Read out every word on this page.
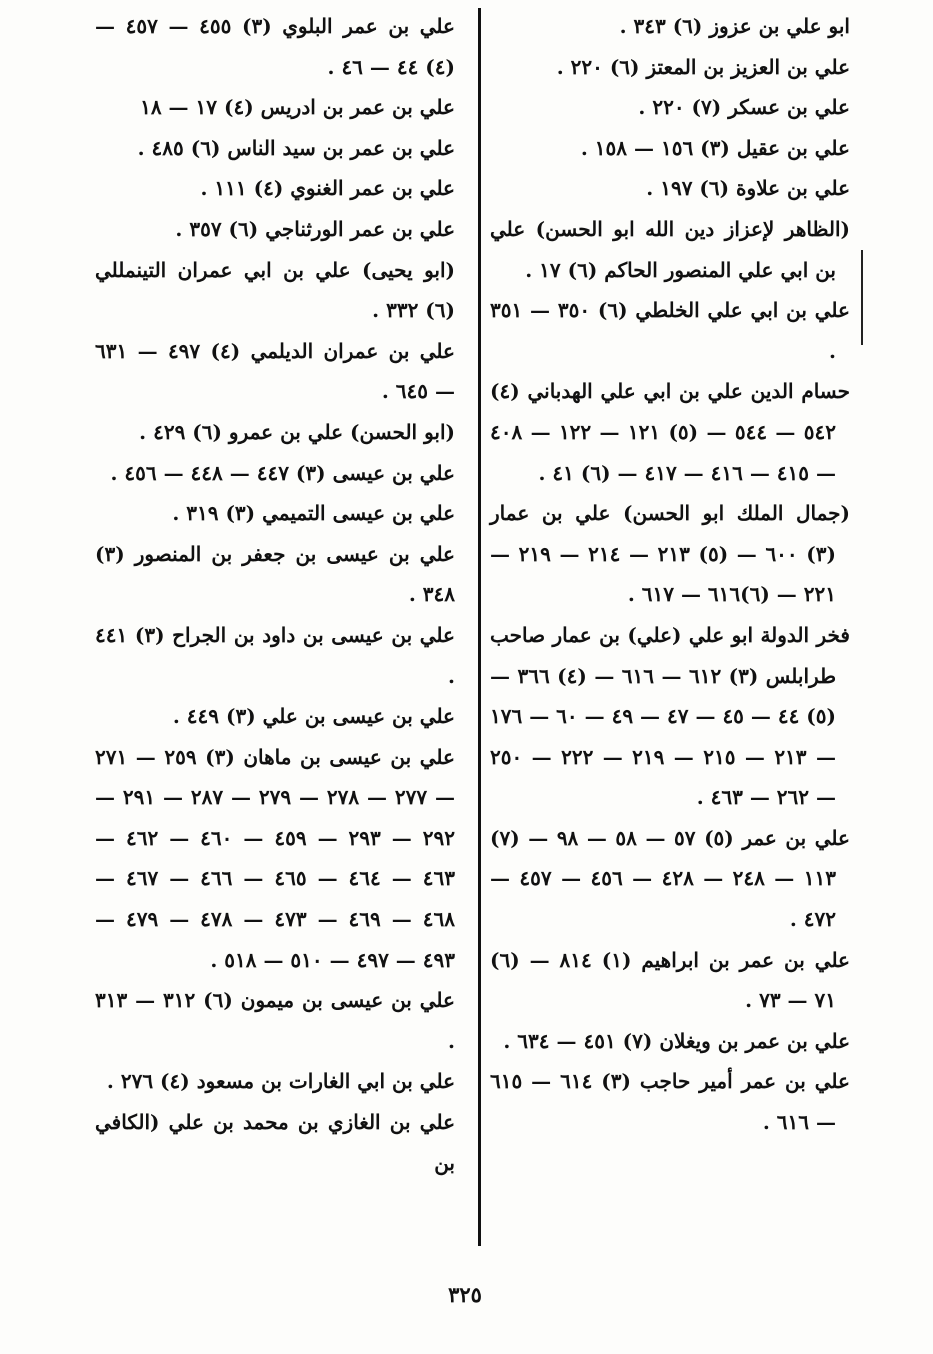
ابو علي بن عزوز (٦) ٣٤٣ .

علي بن العزيز بن المعتز (٦) ٢٢٠ .

علي بن عسكر (٧) ٢٢٠ .

علي بن عقيل (٣) ١٥٦ — ١٥٨ .

علي بن علاوة (٦) ١٩٧ .

(الظاهر لإعزاز دين الله ابو الحسن) علي بن ابي علي المنصور الحاكم (٦) ١٧ .

علي بن ابي علي الخلطي (٦) ٣٥٠ — ٣٥١ .

حسام الدين علي بن ابي علي الهدباني (٤) ٥٤٢ — ٥٤٤ — (٥) ١٢١ — ١٢٢ — ٤٠٨ — ٤١٥ — ٤١٦ — ٤١٧ — (٦) ٤١ .

(جمال الملك ابو الحسن) علي بن عمار (٣) ٦٠٠ — (٥) ٢١٣ — ٢١٤ — ٢١٩ — ٢٢١ — (٦)٦١٦ — ٦١٧ .

فخر الدولة ابو علي (علي) بن عمار صاحب طرابلس (٣) ٦١٢ — ٦١٦ — (٤) ٣٦٦ — (٥) ٤٤ — ٤٥ — ٤٧ — ٤٩ — ٦٠ — ١٧٦ — ٢١٣ — ٢١٥ — ٢١٩ — ٢٢٢ — ٢٥٠ — ٢٦٢ — ٤٦٣ .

علي بن عمر (٥) ٥٧ — ٥٨ — ٩٨ — (٧) ١١٣ — ٢٤٨ — ٤٢٨ — ٤٥٦ — ٤٥٧ — ٤٧٢ .

علي بن عمر بن ابراهيم (١) ٨١٤ — (٦) ٧١ — ٧٣ .

علي بن عمر بن ويغلان (٧) ٤٥١ — ٦٣٤ .

علي بن عمر أمير حاجب (٣) ٦١٤ — ٦١٥ — ٦١٦ .

علي بن عمر البلوي (٣) ٤٥٥ — ٤٥٧ — (٤) ٤٤ — ٤٦ .

علي بن عمر بن ادريس (٤) ١٧ — ١٨

علي بن عمر بن سيد الناس (٦) ٤٨٥ .

علي بن عمر الغنوي (٤) ١١١ .

علي بن عمر الورثناجي (٦) ٣٥٧ .

(ابو يحيى) علي بن ابي عمران التينمللي (٦) ٣٣٢ .

علي بن عمران الديلمي (٤) ٤٩٧ — ٦٣١ — ٦٤٥ .

(ابو الحسن) علي بن عمرو (٦) ٤٢٩ .

علي بن عيسى (٣) ٤٤٧ — ٤٤٨ — ٤٥٦ .

علي بن عيسى التميمي (٣) ٣١٩ .

علي بن عيسى بن جعفر بن المنصور (٣) ٣٤٨ .

علي بن عيسى بن داود بن الجراح (٣) ٤٤١ .

علي بن عيسى بن علي (٣) ٤٤٩ .

علي بن عيسى بن ماهان (٣) ٢٥٩ — ٢٧١ — ٢٧٧ — ٢٧٨ — ٢٧٩ — ٢٨٧ — ٢٩١ — ٢٩٢ — ٢٩٣ — ٤٥٩ — ٤٦٠ — ٤٦٢ — ٤٦٣ — ٤٦٤ — ٤٦٥ — ٤٦٦ — ٤٦٧ — ٤٦٨ — ٤٦٩ — ٤٧٣ — ٤٧٨ — ٤٧٩ — ٤٩٣ — ٤٩٧ — ٥١٠ — ٥١٨ .

علي بن عيسى بن ميمون (٦) ٣١٢ — ٣١٣ .

علي بن ابي الغارات بن مسعود (٤) ٢٧٦ .

علي بن الغازي بن محمد بن علي (الكافي بن

٣٢٥
